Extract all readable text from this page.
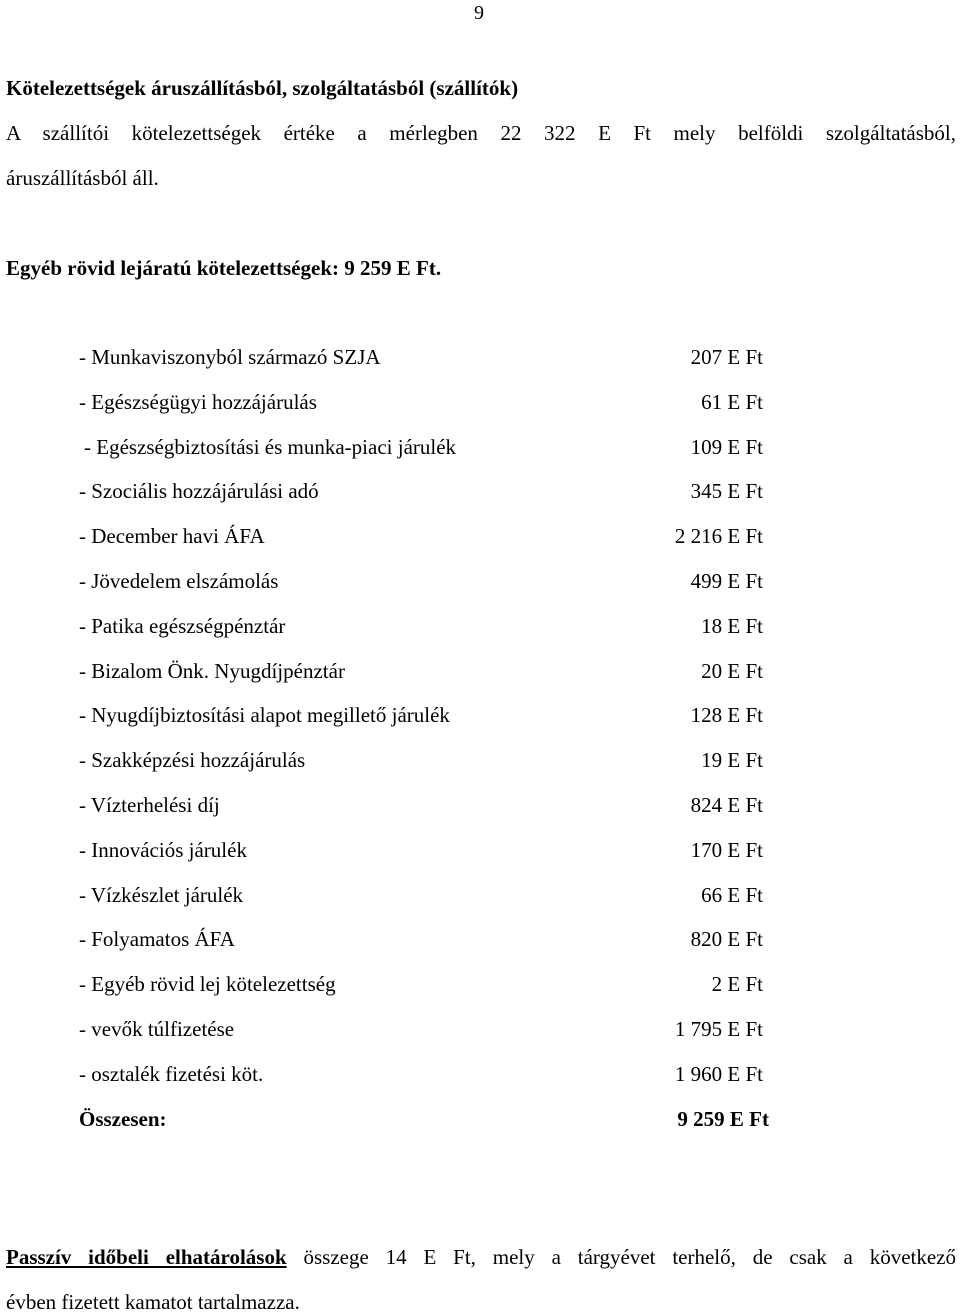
9
Kötelezettségek áruszállításból, szolgáltatásból (szállítók)
A szállítói kötelezettségek értéke a mérlegben 22 322 E Ft mely belföldi szolgáltatásból,
áruszállításból áll.
Egyéb rövid lejáratú kötelezettségek: 9 259 E Ft.
- Munkaviszonyból származó SZJA	207 E Ft
- Egészségügyi hozzájárulás	61 E Ft
- Egészségbiztosítási és munka-piaci járulék	109 E Ft
- Szociális hozzájárulási adó	345 E Ft
- December havi ÁFA	2 216 E Ft
- Jövedelem elszámolás	499 E Ft
- Patika egészségpénztár	18 E Ft
- Bizalom Önk. Nyugdíjpénztár	20 E Ft
- Nyugdíjbiztosítási alapot megillető járulék	128 E Ft
- Szakképzési hozzájárulás	19 E Ft
- Vízterhelési díj	824 E Ft
- Innovációs járulék	170 E Ft
- Vízkészlet járulék	66 E Ft
- Folyamatos ÁFA	820 E Ft
- Egyéb rövid lej kötelezettség	2 E Ft
- vevők túlfizetése	1 795 E Ft
- osztalék fizetési köt.	1 960 E Ft
Összesen:	9 259 E Ft
Passzív időbeli elhatárolások összege 14 E Ft, mely a tárgyévet terhelő, de csak a következő
évben fizetett kamatot tartalmazza.
